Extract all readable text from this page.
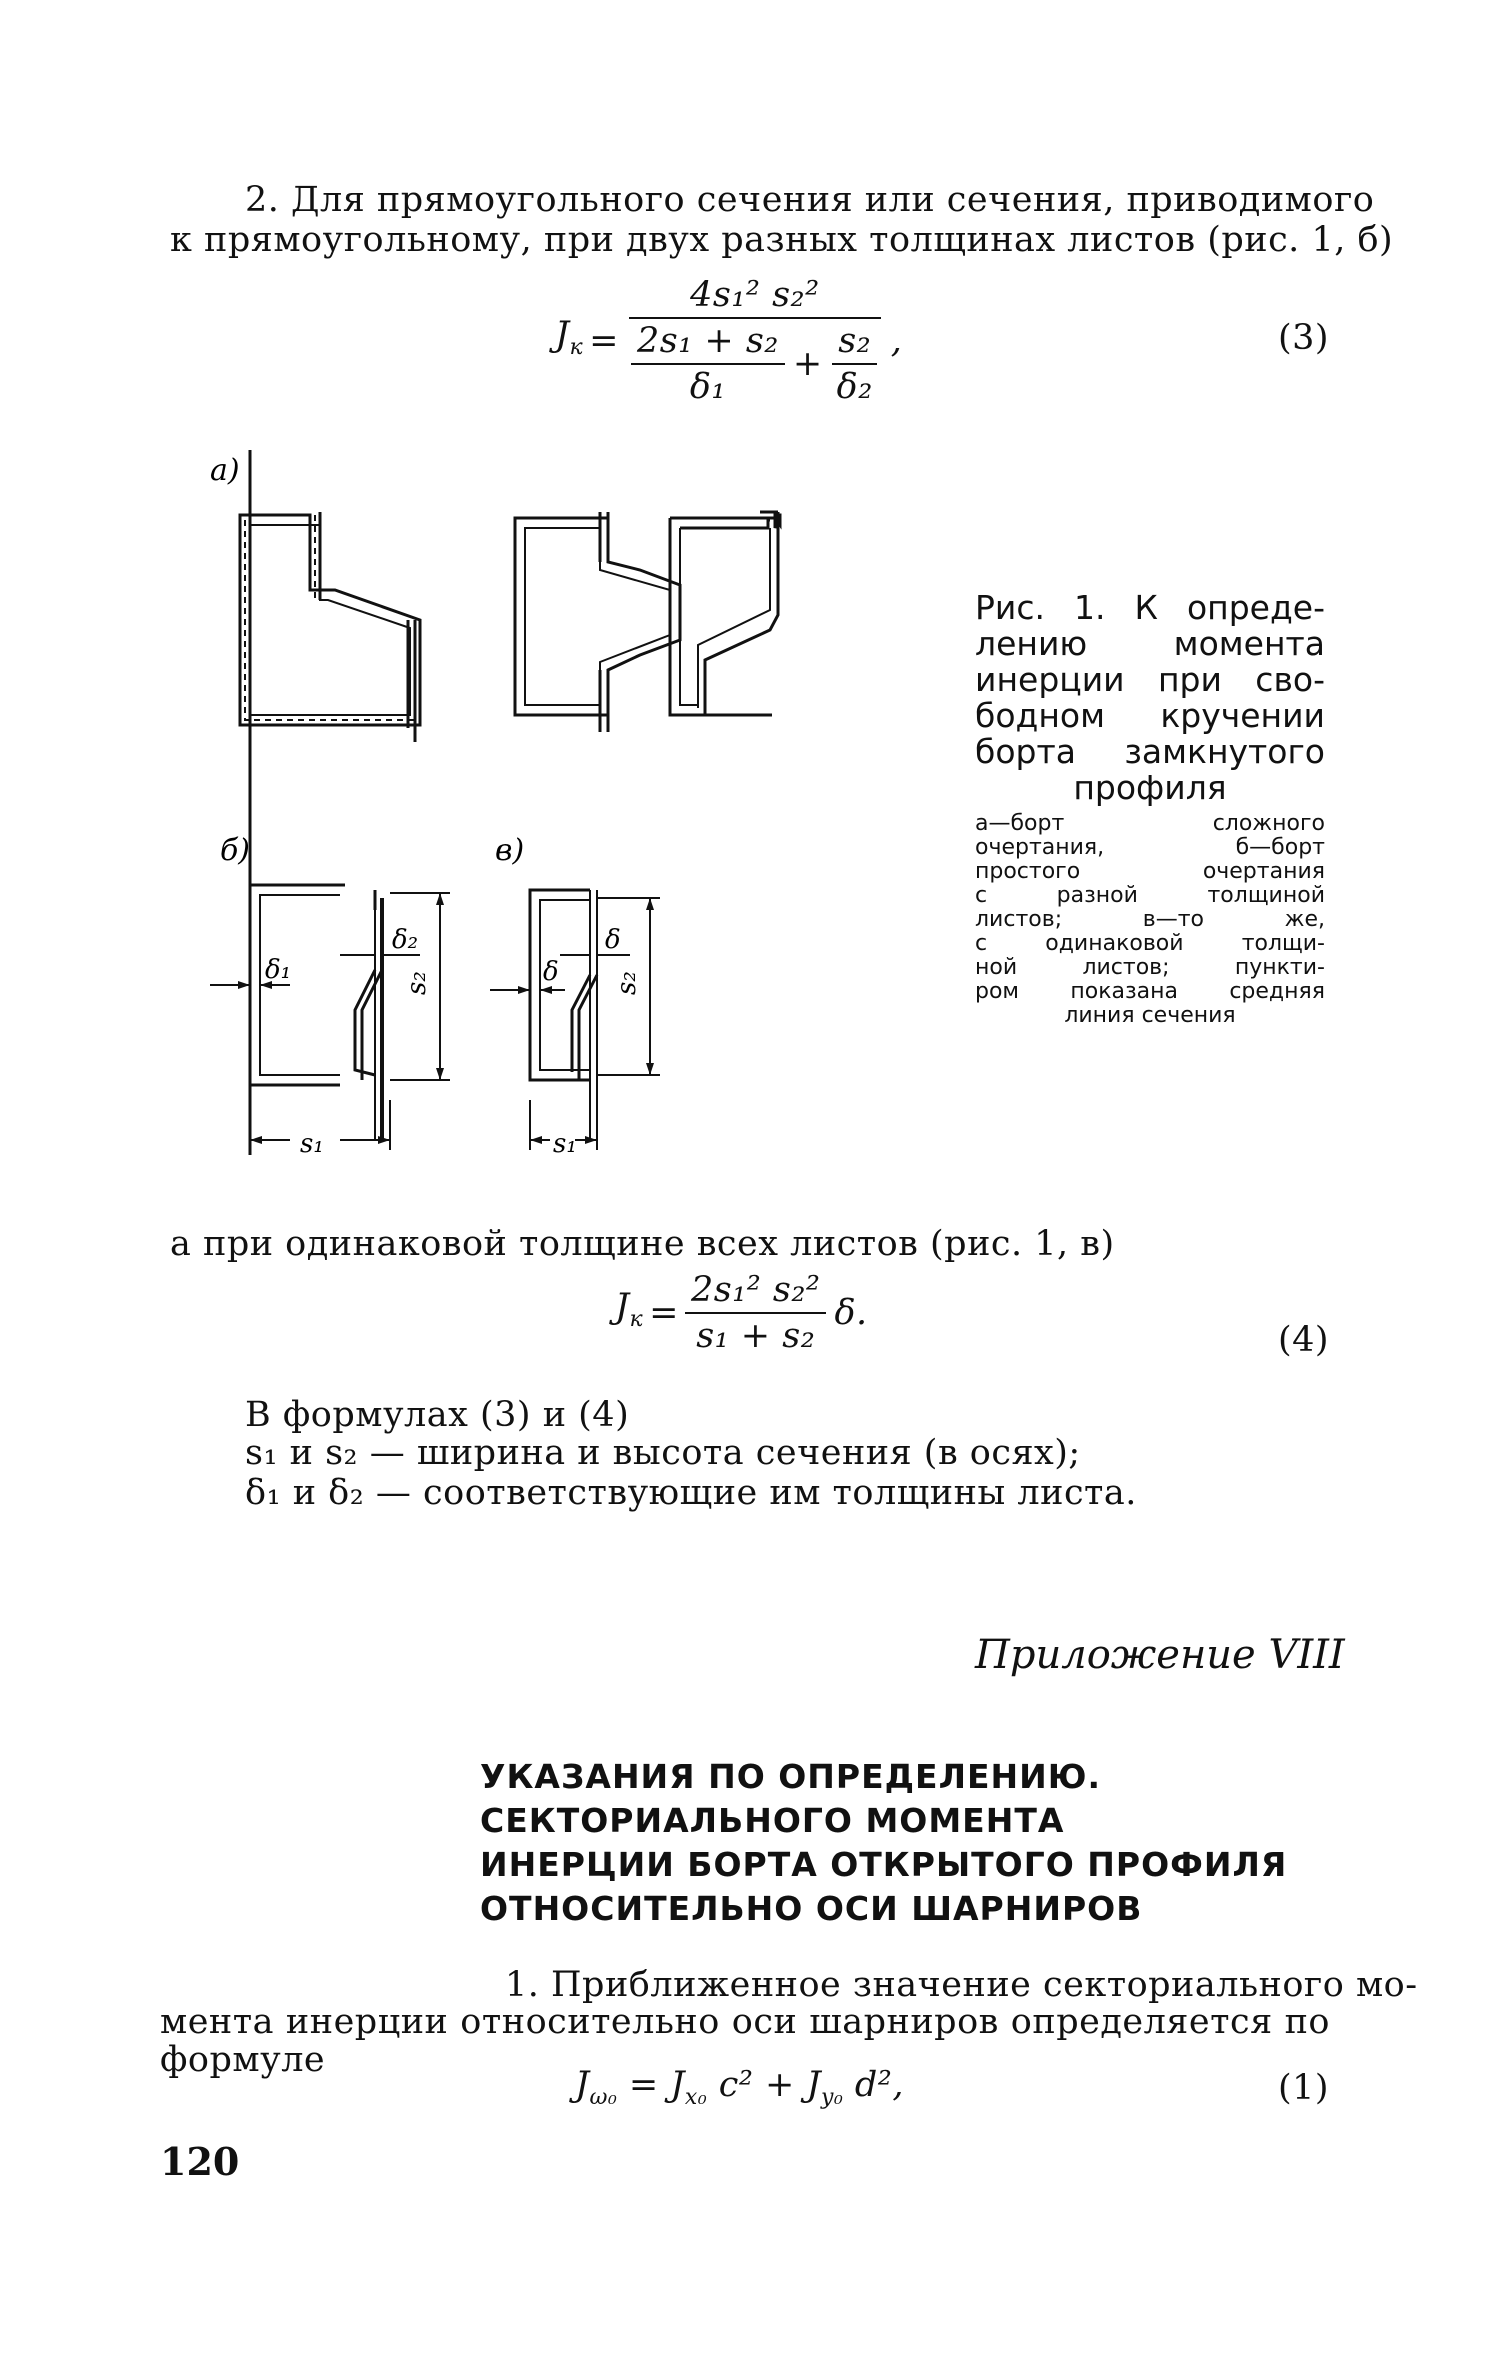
2. Для прямоугольного сечения или сечения, приводимого
к прямоугольному, при двух разных толщинах листов (рис. 1, б)
$J_к$ =
4s₁² s₂²
$\frac{\text{2s₁ + s₂}}{\text{δ₁}} + \frac{\text{s₂}}{\text{δ₂}}$ ,	(3)
а)
б)	в)
s₁	s₁
s₂	s₂
δ₁
δ₂
δ
δ
Рис. 1. К опреде-
лению момента
инерции при сво-
бодном кручении
борта замкнутого
профиля
а—борт сложного
очертания, б—борт
простого очертания
с разной толщиной
листов; в—то же,
с одинаковой толщи-
ной листов; пункти-
ром показана средняя
линия сечения
а при одинаковой толщине всех листов (рис. 1, в)
$J_к = \frac{\text{2s₁² s₂²}}{\text{s₁ + s₂}} \delta$.
(4)
В формулах (3) и (4)
s₁ и s₂ — ширина и высота сечения (в осях);
δ₁ и δ₂ — соответствующие им толщины листа.
Приложение VIII
УКАЗАНИЯ ПО ОПРЕДЕЛЕНИЮ.
СЕКТОРИАЛЬНОГО МОМЕНТА
ИНЕРЦИИ БОРТА ОТКРЫТОГО ПРОФИЛЯ
ОТНОСИТЕЛЬНО ОСИ ШАРНИРОВ
1. Приближенное значение секториального мо-
мента инерции относительно оси шарниров определяется по
формуле
$J_{\omega_0} = J_{x_0}$ $c^2 + J_{y_0}$ d²,	(1)
120
